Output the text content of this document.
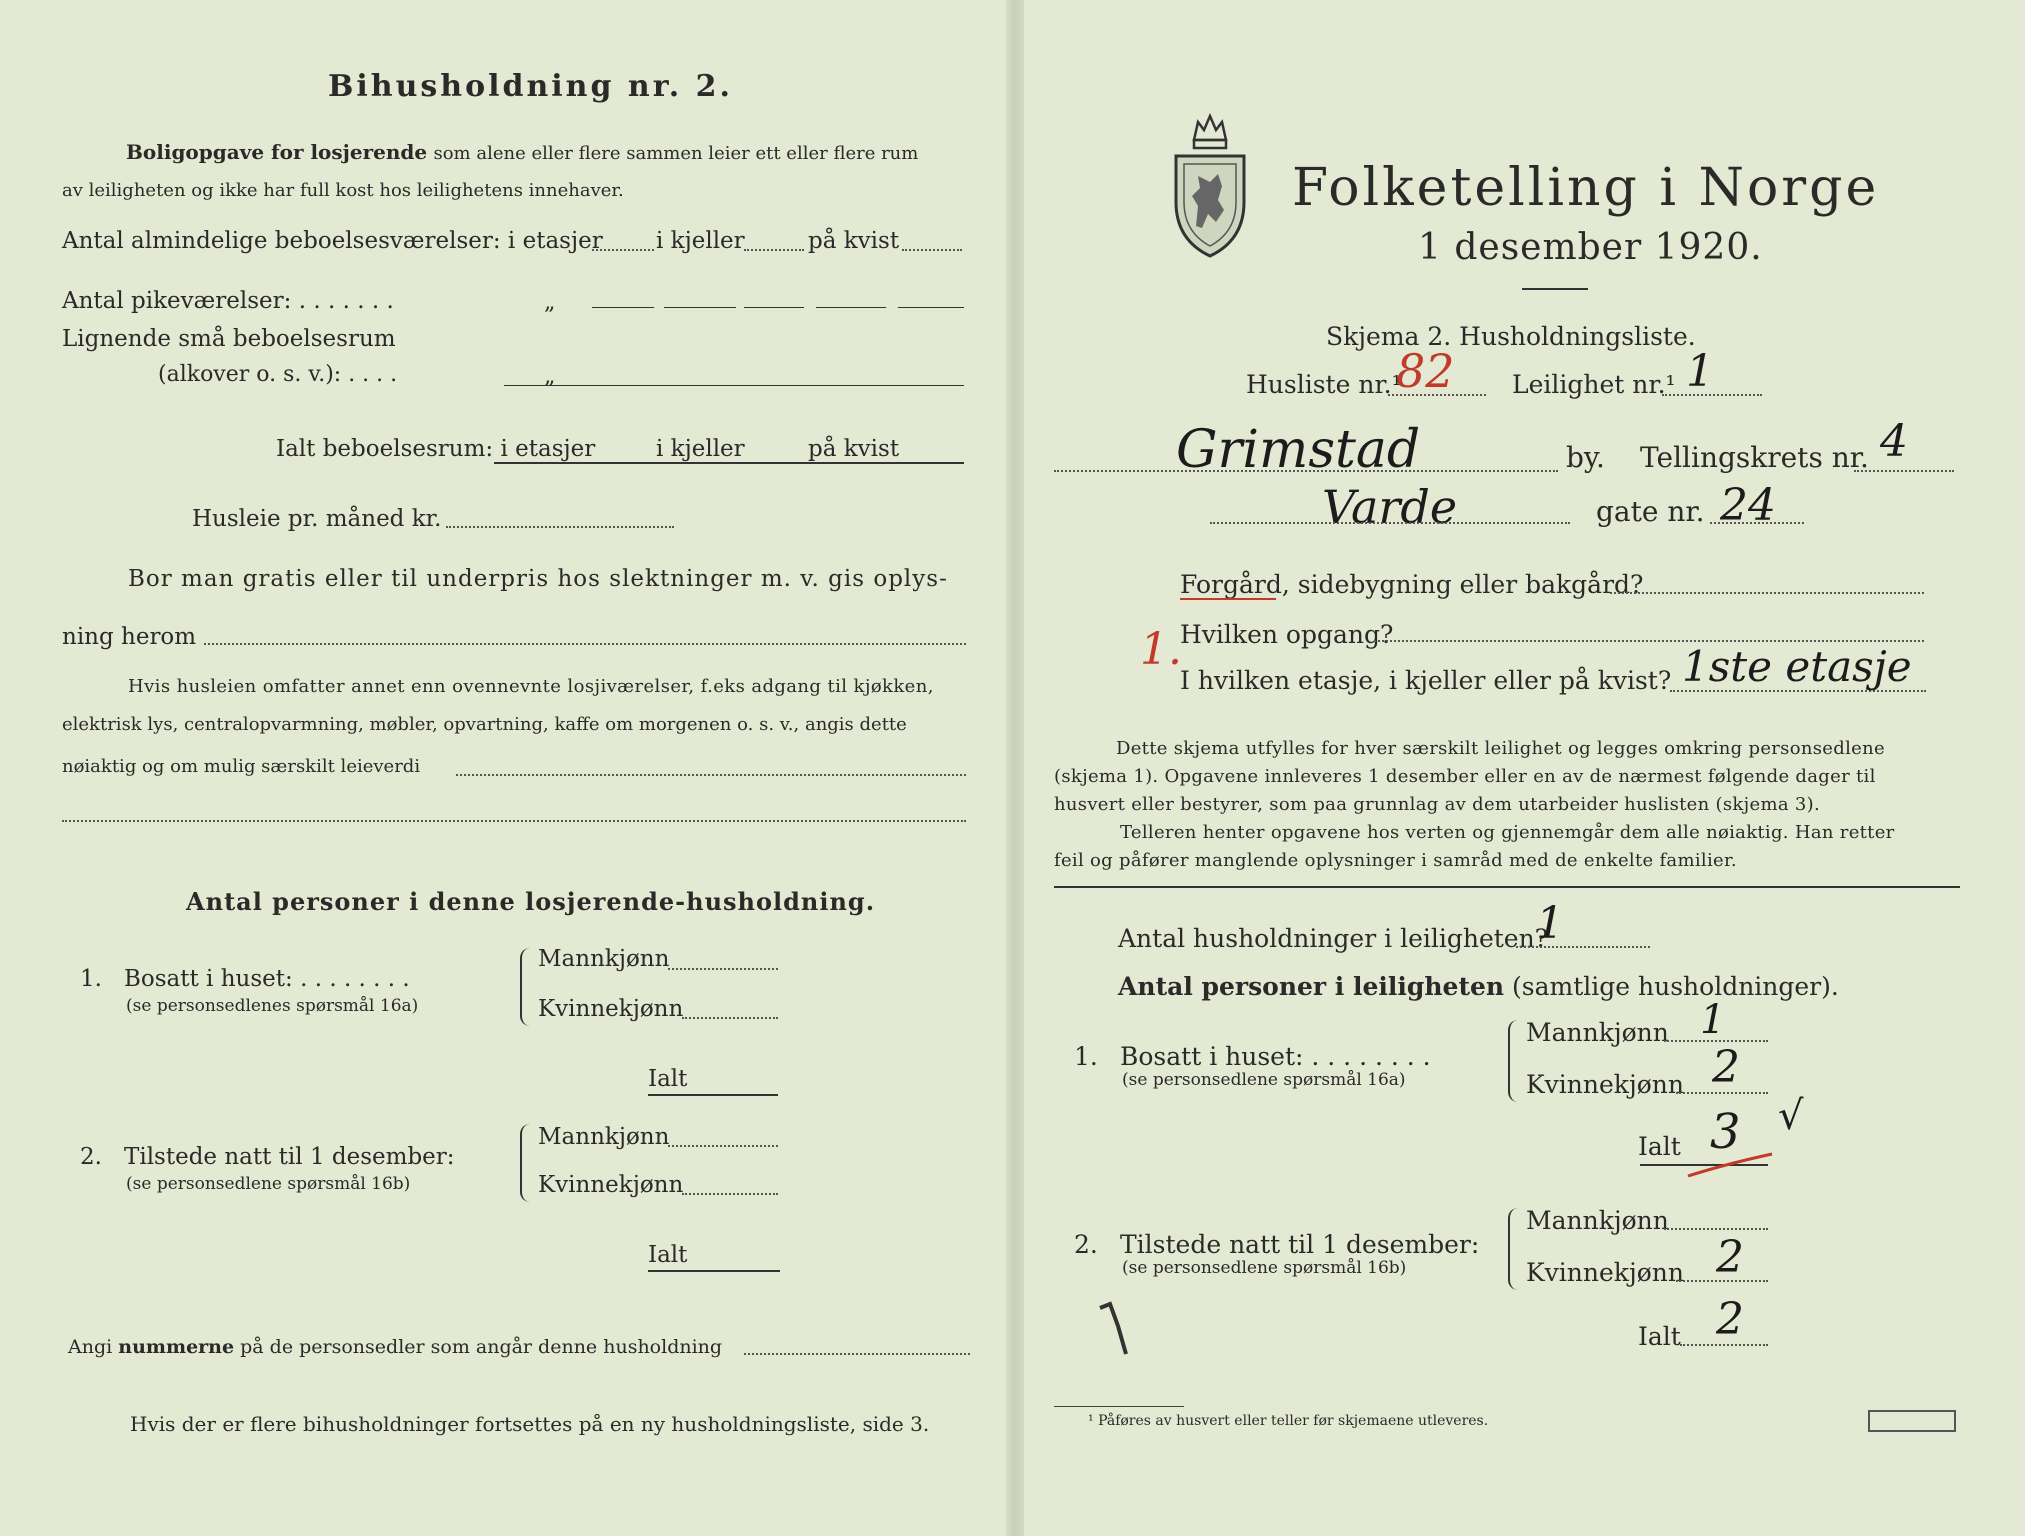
Bihusholdning nr. 2.
Boligopgave for losjerende som alene eller flere sammen leier ett eller flere rum
av leiligheten og ikke har full kost hos leilighetens innehaver.
Antal almindelige beboelsesværelser: i etasjer i kjeller	på kvist
Antal pikeværelser: . . . . . . .	„
Lignende små beboelsesrum
(alkover o. s. v.): . . . .	„
Ialt beboelsesrum: i etasjer	i kjeller	på kvist
Husleie pr. måned kr.
Bor man gratis eller til underpris hos slektninger m. v. gis oplys-
ning herom
Hvis husleien omfatter annet enn ovennevnte losjiværelser, f.eks adgang til kjøkken,
elektrisk lys, centralopvarmning, møbler, opvartning, kaffe om morgenen o. s. v., angis dette
nøiaktig og om mulig særskilt leieverdi
Antal personer i denne losjerende-husholdning.
1. Bosatt i huset: . . . . . . . .
(se personsedlenes spørsmål 16a)
Mannkjønn
Kvinnekjønn
Ialt
2. Tilstede natt til 1 desember:
(se personsedlene spørsmål 16b)
Mannkjønn
Kvinnekjønn
Ialt
Angi nummerne på de personsedler som angår denne husholdning
Hvis der er flere bihusholdninger fortsettes på en ny husholdningsliste, side 3.
Folketelling i Norge
1 desember 1920.
Skjema 2. Husholdningsliste.
Husliste nr.¹
82 Leilighet nr.¹ 1
Grimstad	by. Tellingskrets nr. 4
Varde	gate nr. 24
Forgård, sidebygning eller bakgård?
Hvilken opgang?
1.
I hvilken etasje, i kjeller eller på kvist? 1ste etasje
Dette skjema utfylles for hver særskilt leilighet og legges omkring personsedlene
(skjema 1). Opgavene innleveres 1 desember eller en av de nærmest følgende dager til
husvert eller bestyrer, som paa grunnlag av dem utarbeider huslisten (skjema 3).
Telleren henter opgavene hos verten og gjennemgår dem alle nøiaktig. Han retter
feil og påfører manglende oplysninger i samråd med de enkelte familier.
Antal husholdninger i leiligheten?
1
Antal personer i leiligheten (samtlige husholdninger).
1. Bosatt i huset: . . . . . . . .
(se personsedlene spørsmål 16a)
Mannkjønn 1
Kvinnekjønn 2
Ialt 3 √
2. Tilstede natt til 1 desember:
(se personsedlene spørsmål 16b)
Mannkjønn
Kvinnekjønn 2
Ialt 2
¹ Påføres av husvert eller teller før skjemaene utleveres.
